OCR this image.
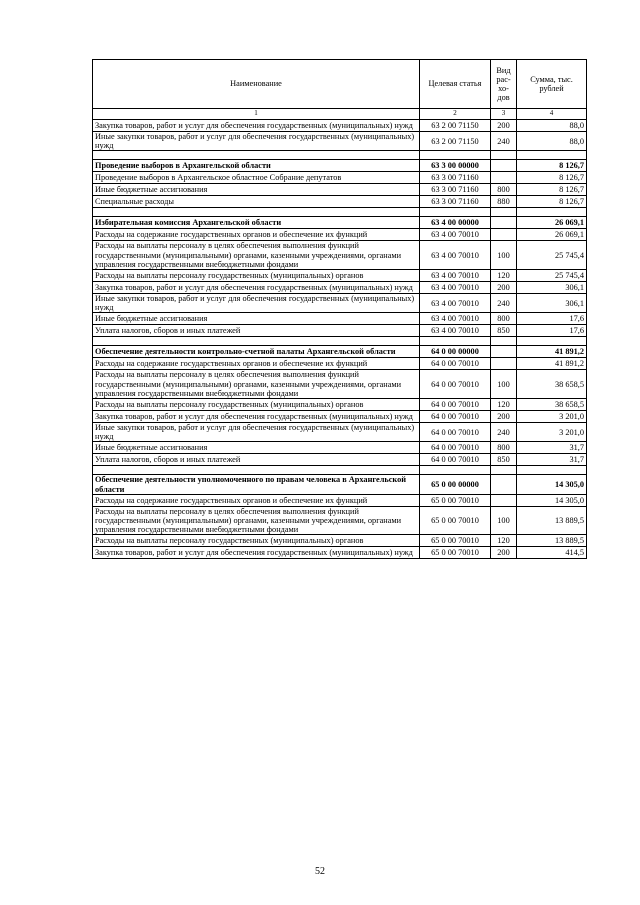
Наименование	Целевая статья	Вид рас-хо-дов	Сумма, тыс. рублей
1	2	3	4
Закупка товаров, работ и услуг для обеспечения государственных (муниципальных) нужд	63 2 00 71150	200	88,0
Иные закупки товаров, работ и услуг для обеспечения государственных (муниципальных) нужд	63 2 00 71150	240	88,0

Проведение выборов в Архангельской области	63 3 00 00000		8 126,7
Проведение выборов в Архангельское областное Собрание депутатов	63 3 00 71160		8 126,7
Иные бюджетные ассигнования	63 3 00 71160	800	8 126,7
Специальные расходы	63 3 00 71160	880	8 126,7

Избирательная комиссия Архангельской области	63 4 00 00000		26 069,1
Расходы на содержание государственных органов и обеспечение их функций	63 4 00 70010		26 069,1
Расходы на выплаты персоналу в целях обеспечения выполнения функций государственными (муниципальными) органами, казенными учреждениями, органами управления государственными внебюджетными фондами	63 4 00 70010	100	25 745,4
Расходы на выплаты персоналу государственных (муниципальных) органов	63 4 00 70010	120	25 745,4
Закупка товаров, работ и услуг для обеспечения государственных (муниципальных) нужд	63 4 00 70010	200	306,1
Иные закупки товаров, работ и услуг для обеспечения государственных (муниципальных) нужд	63 4 00 70010	240	306,1
Иные бюджетные ассигнования	63 4 00 70010	800	17,6
Уплата налогов, сборов и иных платежей	63 4 00 70010	850	17,6

Обеспечение деятельности контрольно-счетной палаты Архангельской области	64 0 00 00000		41 891,2
Расходы на содержание государственных органов и обеспечение их функций	64 0 00 70010		41 891,2
Расходы на выплаты персоналу в целях обеспечения выполнения функций государственными (муниципальными) органами, казенными учреждениями, органами управления государственными внебюджетными фондами	64 0 00 70010	100	38 658,5
Расходы на выплаты персоналу государственных (муниципальных) органов	64 0 00 70010	120	38 658,5
Закупка товаров, работ и услуг для обеспечения государственных (муниципальных) нужд	64 0 00 70010	200	3 201,0
Иные закупки товаров, работ и услуг для обеспечения государственных (муниципальных) нужд	64 0 00 70010	240	3 201,0
Иные бюджетные ассигнования	64 0 00 70010	800	31,7
Уплата налогов, сборов и иных платежей	64 0 00 70010	850	31,7

Обеспечение деятельности уполномоченного по правам человека в Архангельской области	65 0 00 00000		14 305,0
Расходы на содержание государственных органов и обеспечение их функций	65 0 00 70010		14 305,0
Расходы на выплаты персоналу в целях обеспечения выполнения функций государственными (муниципальными) органами, казенными учреждениями, органами управления государственными внебюджетными фондами	65 0 00 70010	100	13 889,5
Расходы на выплаты персоналу государственных (муниципальных) органов	65 0 00 70010	120	13 889,5
Закупка товаров, работ и услуг для обеспечения государственных (муниципальных) нужд	65 0 00 70010	200	414,5
52
